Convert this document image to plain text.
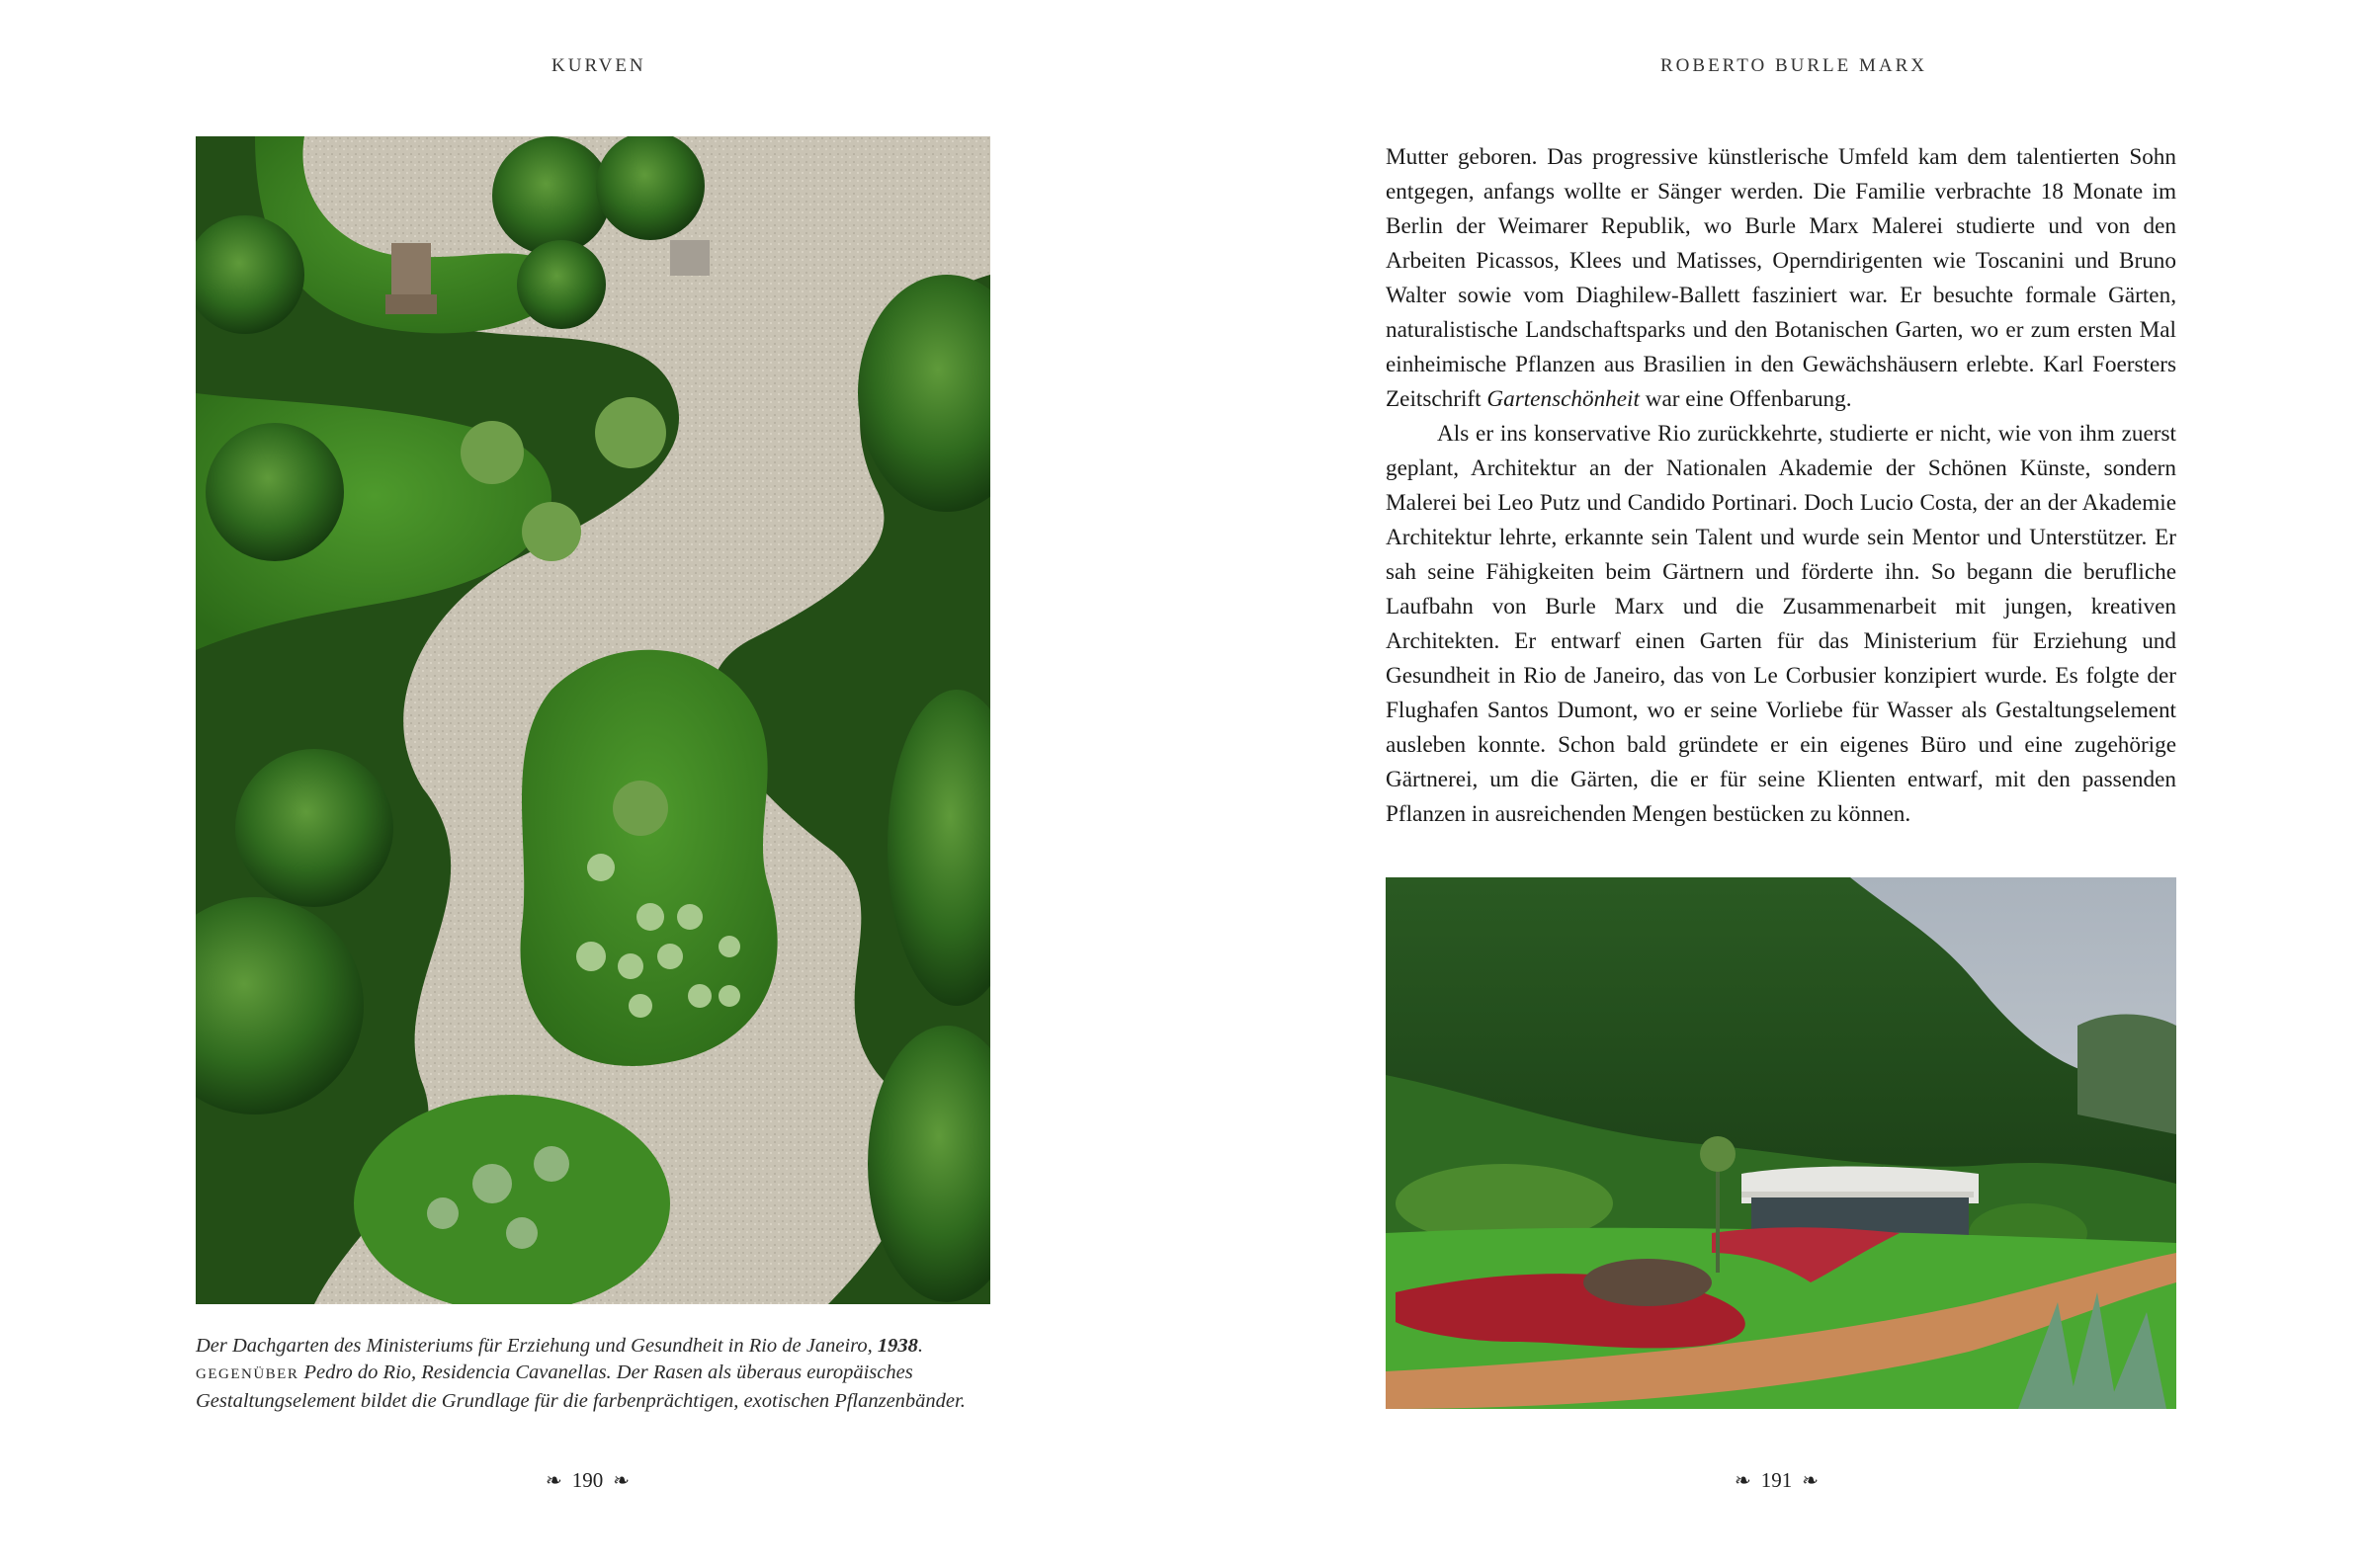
KURVEN
Der Dachgarten des Ministeriums für Erziehung und Gesundheit in Rio de Janeiro, 1938.
GEGENÜBER Pedro do Rio, Residencia Cavanellas. Der Rasen als überaus europäisches
Gestaltungselement bildet die Grundlage für die farbenprächtigen, exotischen Pflanzenbänder.
❧ 190 ❧
ROBERTO BURLE MARX

Mutter geboren. Das progressive künstlerische Umfeld kam dem talentierten Sohn entgegen, anfangs wollte er Sänger werden. Die Familie verbrachte 18 Monate im Berlin der Weimarer Republik, wo Burle Marx Malerei studierte und von den Arbeiten Picassos, Klees und Matisses, Operndirigenten wie Toscanini und Bruno Walter sowie vom Diaghilew-Ballett fasziniert war. Er besuchte formale Gärten, naturalistische Landschaftsparks und den Botanischen Garten, wo er zum ersten Mal einheimische Pflanzen aus Brasilien in den Gewächshäusern erlebte. Karl Foersters Zeitschrift Gartenschönheit war eine Offenbarung.

Als er ins konservative Rio zurückkehrte, studierte er nicht, wie von ihm zuerst geplant, Architektur an der Nationalen Akademie der Schönen Künste, sondern Malerei bei Leo Putz und Candido Portinari. Doch Lucio Costa, der an der Akademie Architektur lehrte, erkannte sein Talent und wurde sein Mentor und Unterstützer. Er sah seine Fähigkeiten beim Gärtnern und förderte ihn. So begann die berufliche Laufbahn von Burle Marx und die Zusammenarbeit mit jungen, kreativen Architekten. Er entwarf einen Garten für das Ministerium für Erziehung und Gesundheit in Rio de Janeiro, das von Le Corbusier konzipiert wurde. Es folgte der Flughafen Santos Dumont, wo er seine Vorliebe für Wasser als Gestaltungselement ausleben konnte. Schon bald gründete er ein eigenes Büro und eine zugehörige Gärtnerei, um die Gärten, die er für seine Klienten entwarf, mit den passenden Pflanzen in ausreichenden Mengen bestücken zu können.

❧ 191 ❧
